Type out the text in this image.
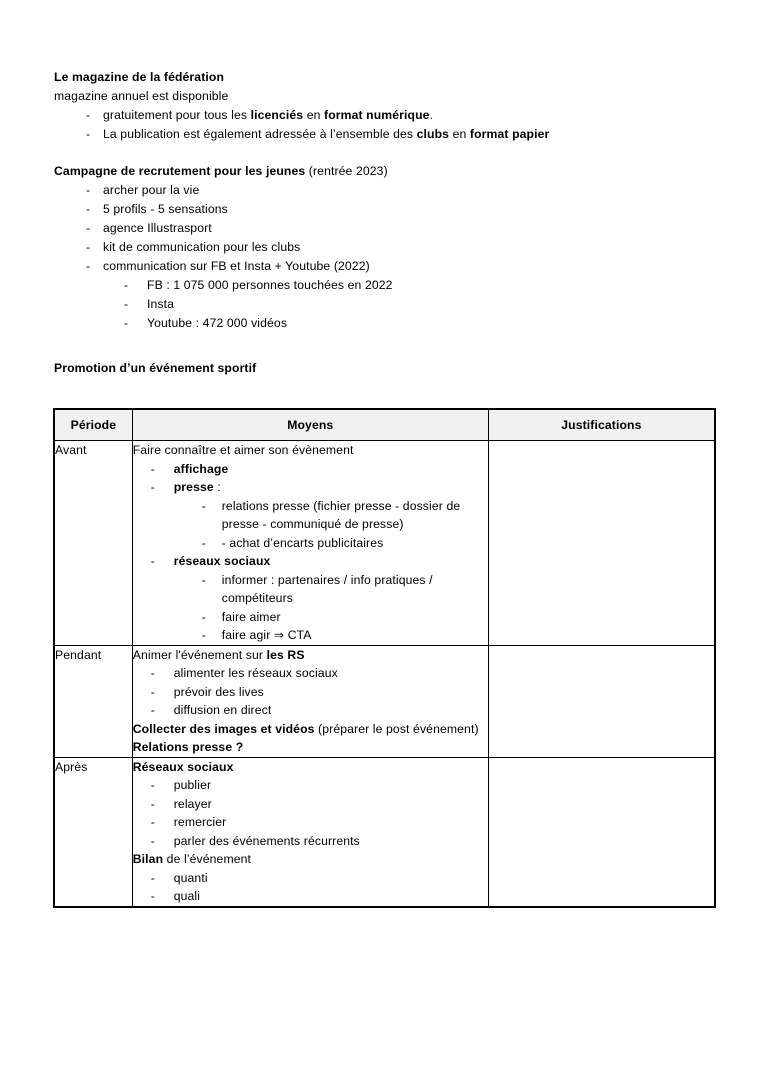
Le magazine de la fédération
magazine annuel est disponible
- gratuitement pour tous les licenciés en format numérique.
- La publication est également adressée à l’ensemble des clubs en format papier
Campagne de recrutement pour les jeunes (rentrée 2023)
- archer pour la vie
- 5 profils - 5 sensations
- agence Illustrasport
- kit de communication pour les clubs
- communication sur FB et Insta + Youtube (2022)
- FB : 1 075 000 personnes touchées en 2022
- Insta
- Youtube : 472 000 vidéos
Promotion d’un événement sportif
Période	Moyens	Justifications
Avant	Faire connaître et aimer son évènement
- affichage
- presse :
- relations presse (fichier presse - dossier de presse - communiqué de presse)
- - achat d’encarts publicitaires
- réseaux sociaux
- informer : partenaires / info pratiques / compétiteurs
- faire aimer
- faire agir ⇒ CTA

Pendant	Animer l'événement sur les RS
- alimenter les réseaux sociaux
- prévoir des lives
- diffusion en direct
Collecter des images et vidéos (préparer le post événement)
Relations presse ?

Après	Réseaux sociaux
- publier
- relayer
- remercier
- parler des événements récurrents
Bilan de l’événement
- quanti
- quali
